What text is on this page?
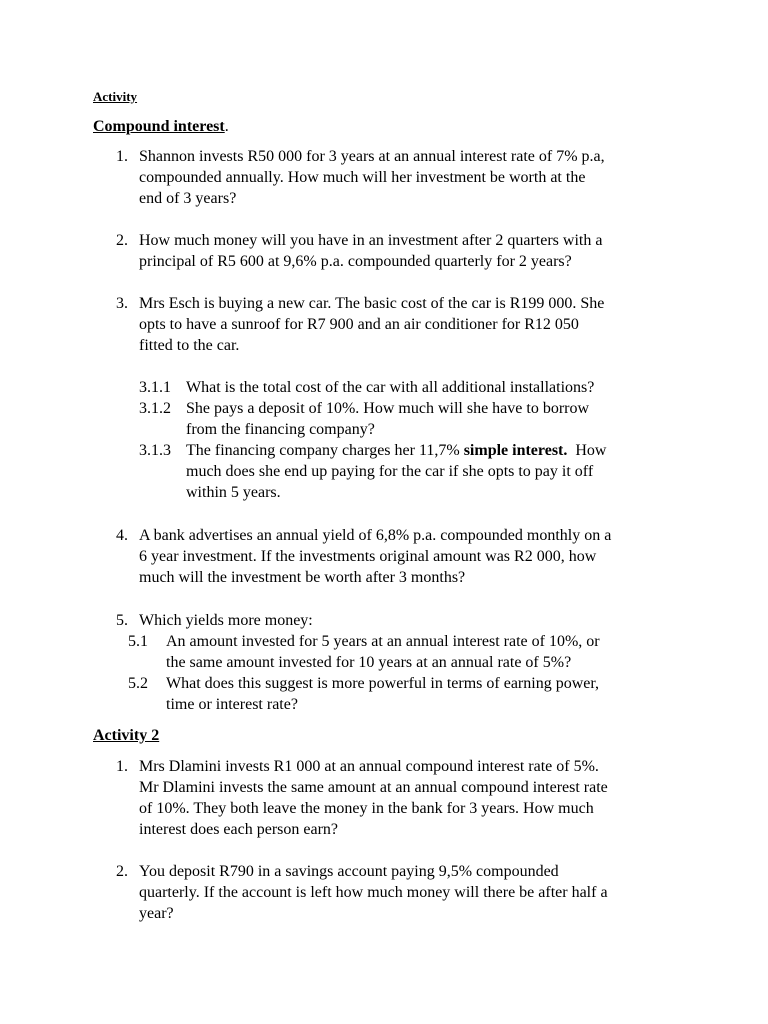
Activity
Compound interest.
1. Shannon invests R50 000 for 3 years at an annual interest rate of 7% p.a,
compounded annually. How much will her investment be worth at the
end of 3 years?
2. How much money will you have in an investment after 2 quarters with a
principal of R5 600 at 9,6% p.a. compounded quarterly for 2 years?
3. Mrs Esch is buying a new car. The basic cost of the car is R199 000. She
opts to have a sunroof for R7 900 and an air conditioner for R12 050
fitted to the car.
3.1.1 What is the total cost of the car with all additional installations?
3.1.2 She pays a deposit of 10%. How much will she have to borrow
from the financing company?
3.1.3 The financing company charges her 11,7% simple interest.  How
much does she end up paying for the car if she opts to pay it off
within 5 years.
4. A bank advertises an annual yield of 6,8% p.a. compounded monthly on a
6 year investment. If the investments original amount was R2 000, how
much will the investment be worth after 3 months?
5. Which yields more money:
5.1 An amount invested for 5 years at an annual interest rate of 10%, or
the same amount invested for 10 years at an annual rate of 5%?
5.2 What does this suggest is more powerful in terms of earning power,
time or interest rate?
Activity 2
1. Mrs Dlamini invests R1 000 at an annual compound interest rate of 5%.
Mr Dlamini invests the same amount at an annual compound interest rate
of 10%. They both leave the money in the bank for 3 years. How much
interest does each person earn?
2. You deposit R790 in a savings account paying 9,5% compounded
quarterly. If the account is left how much money will there be after half a
year?
